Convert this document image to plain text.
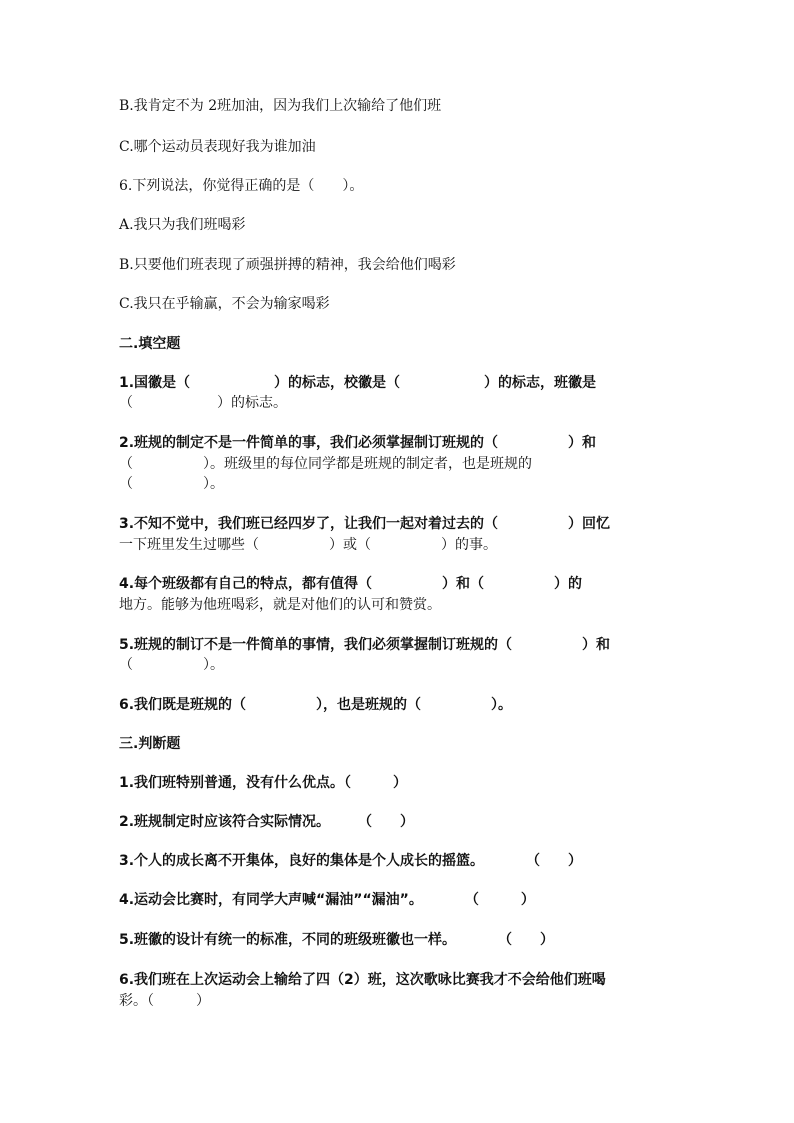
B.我肯定不为 2班加油，因为我们上次输给了他们班
C.哪个运动员表现好我为谁加油
6.下列说法，你觉得正确的是（　　）。
A.我只为我们班喝彩
B.只要他们班表现了顽强拼搏的精神，我会给他们喝彩
C.我只在乎输赢，不会为输家喝彩
二.填空题
1.国徽是（　　　　　　）的标志，校徽是（　　　　　　）的标志，班徽是
（　　　　　　）的标志。
2.班规的制定不是一件简单的事，我们必须掌握制订班规的（　　　　　）和
（　　　　　）。班级里的每位同学都是班规的制定者，也是班规的
（　　　　　）。
3.不知不觉中，我们班已经四岁了，让我们一起对着过去的（　　　　　）回忆
一下班里发生过哪些（　　　　　）或（　　　　　）的事。
4.每个班级都有自己的特点，都有值得（　　　　　）和（　　　　　）的
地方。能够为他班喝彩，就是对他们的认可和赞赏。
5.班规的制订不是一件简单的事情，我们必须掌握制订班规的（　　　　　）和
（　　　　　）。
6.我们既是班规的（　　　　　），也是班规的（　　　　　）。
三.判断题
1.我们班特别普通，没有什么优点。（　　　）
2.班规制定时应该符合实际情况。　　　（　　）
3.个人的成长离不开集体，良好的集体是个人成长的摇篮。　　　　（　　）
4.运动会比赛时，有同学大声喊“漏油”“漏油”。　　　　（　　　）
5.班徽的设计有统一的标准，不同的班级班徽也一样。　　　　（　　）
6.我们班在上次运动会上输给了四（2）班，这次歌咏比赛我才不会给他们班喝
彩。（　　　）
